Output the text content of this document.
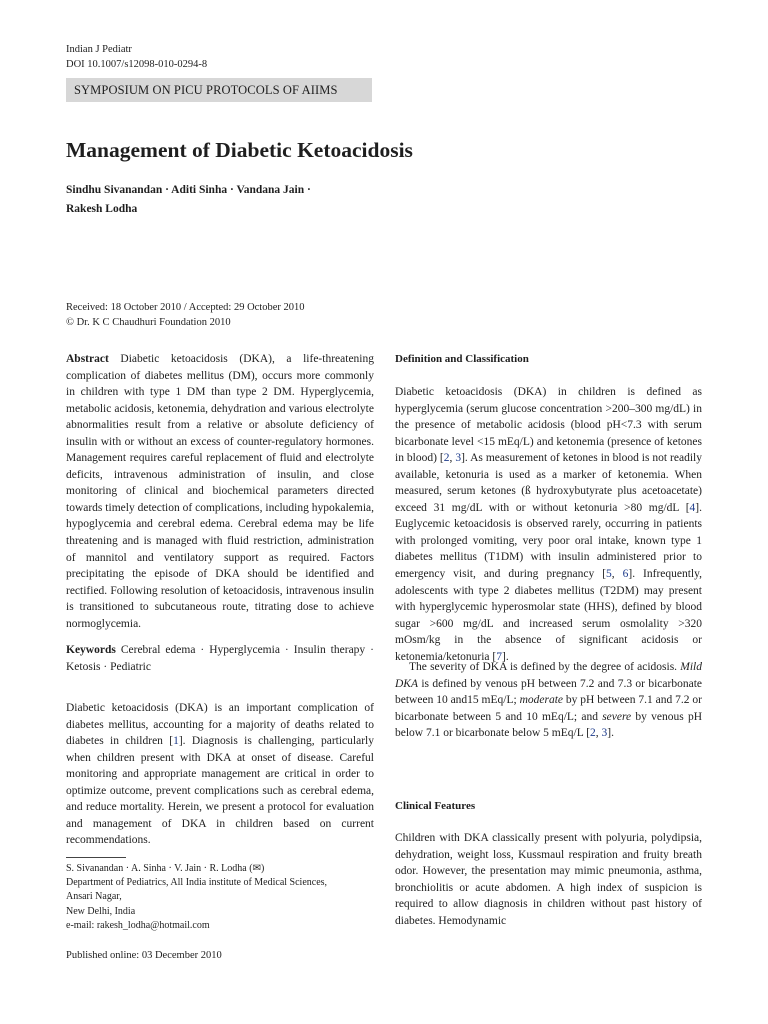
Indian J Pediatr
DOI 10.1007/s12098-010-0294-8
SYMPOSIUM ON PICU PROTOCOLS OF AIIMS
Management of Diabetic Ketoacidosis
Sindhu Sivanandan · Aditi Sinha · Vandana Jain ·
Rakesh Lodha
Received: 18 October 2010 / Accepted: 29 October 2010
© Dr. K C Chaudhuri Foundation 2010

Abstract Diabetic ketoacidosis (DKA), a life-threatening complication of diabetes mellitus (DM), occurs more commonly in children with type 1 DM than type 2 DM. Hyperglycemia, metabolic acidosis, ketonemia, dehydration and various electrolyte abnormalities result from a relative or absolute deficiency of insulin with or without an excess of counter-regulatory hormones. Management requires careful replacement of fluid and electrolyte deficits, intravenous administration of insulin, and close monitoring of clinical and biochemical parameters directed towards timely detection of complications, including hypokalemia, hypoglycemia and cerebral edema. Cerebral edema may be life threatening and is managed with fluid restriction, administration of mannitol and ventilatory support as required. Factors precipitating the episode of DKA should be identified and rectified. Following resolution of ketoacidosis, intravenous insulin is transitioned to subcutaneous route, titrating dose to achieve normoglycemia.

Keywords Cerebral edema · Hyperglycemia · Insulin therapy · Ketosis · Pediatric

Diabetic ketoacidosis (DKA) is an important complication of diabetes mellitus, accounting for a majority of deaths related to diabetes in children [1]. Diagnosis is challenging, particularly when children present with DKA at onset of disease. Careful monitoring and appropriate management are critical in order to optimize outcome, prevent complications such as cerebral edema, and reduce mortality. Herein, we present a protocol for evaluation and management of DKA in children based on current recommendations.

S. Sivanandan · A. Sinha · V. Jain · R. Lodha (✉)
Department of Pediatrics, All India institute of Medical Sciences,
Ansari Nagar,
New Delhi, India
e-mail: rakesh_lodha@hotmail.com
Published online: 03 December 2010
Definition and Classification

Diabetic ketoacidosis (DKA) in children is defined as hyperglycemia (serum glucose concentration >200–300 mg/dL) in the presence of metabolic acidosis (blood pH<7.3 with serum bicarbonate level <15 mEq/L) and ketonemia (presence of ketones in blood) [2, 3]. As measurement of ketones in blood is not readily available, ketonuria is used as a marker of ketonemia. When measured, serum ketones (ß hydroxybutyrate plus acetoacetate) exceed 31 mg/dL with or without ketonuria >80 mg/dL [4]. Euglycemic ketoacidosis is observed rarely, occurring in patients with prolonged vomiting, very poor oral intake, known type 1 diabetes mellitus (T1DM) with insulin administered prior to emergency visit, and during pregnancy [5, 6]. Infrequently, adolescents with type 2 diabetes mellitus (T2DM) may present with hyperglycemic hyperosmolar state (HHS), defined by blood sugar >600 mg/dL and increased serum osmolality >320 mOsm/kg in the absence of significant acidosis or ketonemia/ketonuria [7].

The severity of DKA is defined by the degree of acidosis. Mild DKA is defined by venous pH between 7.2 and 7.3 or bicarbonate between 10 and15 mEq/L; moderate by pH between 7.1 and 7.2 or bicarbonate between 5 and 10 mEq/L; and severe by venous pH below 7.1 or bicarbonate below 5 mEq/L [2, 3].

Clinical Features

Children with DKA classically present with polyuria, polydipsia, dehydration, weight loss, Kussmaul respiration and fruity breath odor. However, the presentation may mimic pneumonia, asthma, bronchiolitis or acute abdomen. A high index of suspicion is required to allow diagnosis in children without past history of diabetes. Hemodynamic
